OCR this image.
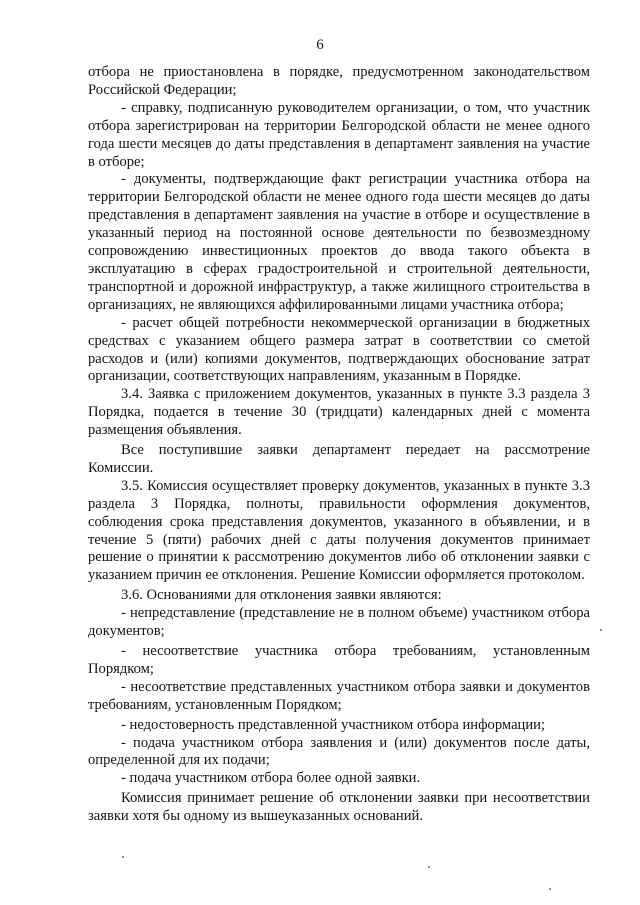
6

отбора не приостановлена в порядке, предусмотренном законодательством Российской Федерации;

- справку, подписанную руководителем организации, о том, что участник отбора зарегистрирован на территории Белгородской области не менее одного года шести месяцев до даты представления в департамент заявления на участие в отборе;

- документы, подтверждающие факт регистрации участника отбора на территории Белгородской области не менее одного года шести месяцев до даты представления в департамент заявления на участие в отборе и осуществление в указанный период на постоянной основе деятельности по безвозмездному сопровождению инвестиционных проектов до ввода такого объекта в эксплуатацию в сферах градостроительной и строительной деятельности, транспортной и дорожной инфраструктур, а также жилищного строительства в организациях, не являющихся аффилированными лицами участника отбора;

- расчет общей потребности некоммерческой организации в бюджетных средствах с указанием общего размера затрат в соответствии со сметой расходов и (или) копиями документов, подтверждающих обоснование затрат организации, соответствующих направлениям, указанным в Порядке.

3.4. Заявка с приложением документов, указанных в пункте 3.3 раздела 3 Порядка, подается в течение 30 (тридцати) календарных дней с момента размещения объявления.

Все поступившие заявки департамент передает на рассмотрение Комиссии.

3.5. Комиссия осуществляет проверку документов, указанных в пункте 3.3 раздела 3 Порядка, полноты, правильности оформления документов, соблюдения срока представления документов, указанного в объявлении, и в течение 5 (пяти) рабочих дней с даты получения документов принимает решение о принятии к рассмотрению документов либо об отклонении заявки с указанием причин ее отклонения. Решение Комиссии оформляется протоколом.

3.6. Основаниями для отклонения заявки являются:

- непредставление (представление не в полном объеме) участником отбора документов;

- несоответствие участника отбора требованиям, установленным Порядком;

- несоответствие представленных участником отбора заявки и документов требованиям, установленным Порядком;

- недостоверность представленной участником отбора информации;

- подача участником отбора заявления и (или) документов после даты, определенной для их подачи;

- подача участником отбора более одной заявки.

Комиссия принимает решение об отклонении заявки при несоответствии заявки хотя бы одному из вышеуказанных оснований.
